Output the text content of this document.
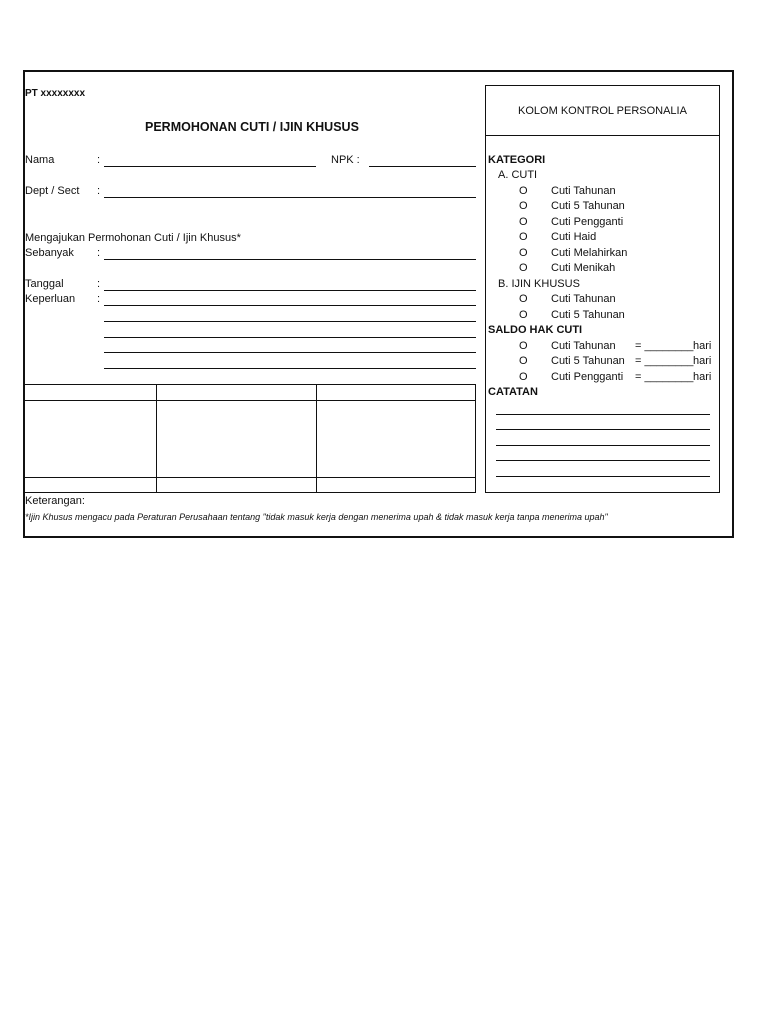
PT xxxxxxxx
PERMOHONAN CUTI / IJIN KHUSUS
Nama	:	NPK :
Dept / Sect :
Mengajukan Permohonan Cuti / Ijin Khusus*
Sebanyak :
Tanggal	:
Keperluan :
KOLOM KONTROL PERSONALIA
KATEGORI
A. CUTI
O Cuti Tahunan
O Cuti 5 Tahunan
O Cuti Pengganti
O Cuti Haid
O Cuti Melahirkan
O Cuti Menikah
B. IJIN KHUSUS
O Cuti Tahunan
O Cuti 5 Tahunan
SALDO HAK CUTI
O Cuti Tahunan = ________ hari
O Cuti 5 Tahunan = ________ hari
O Cuti Pengganti = ________ hari
CATATAN
Keterangan:
*Ijin Khusus mengacu pada Peraturan Perusahaan tentang "tidak masuk kerja dengan menerima upah & tidak masuk kerja tanpa menerima upah"
